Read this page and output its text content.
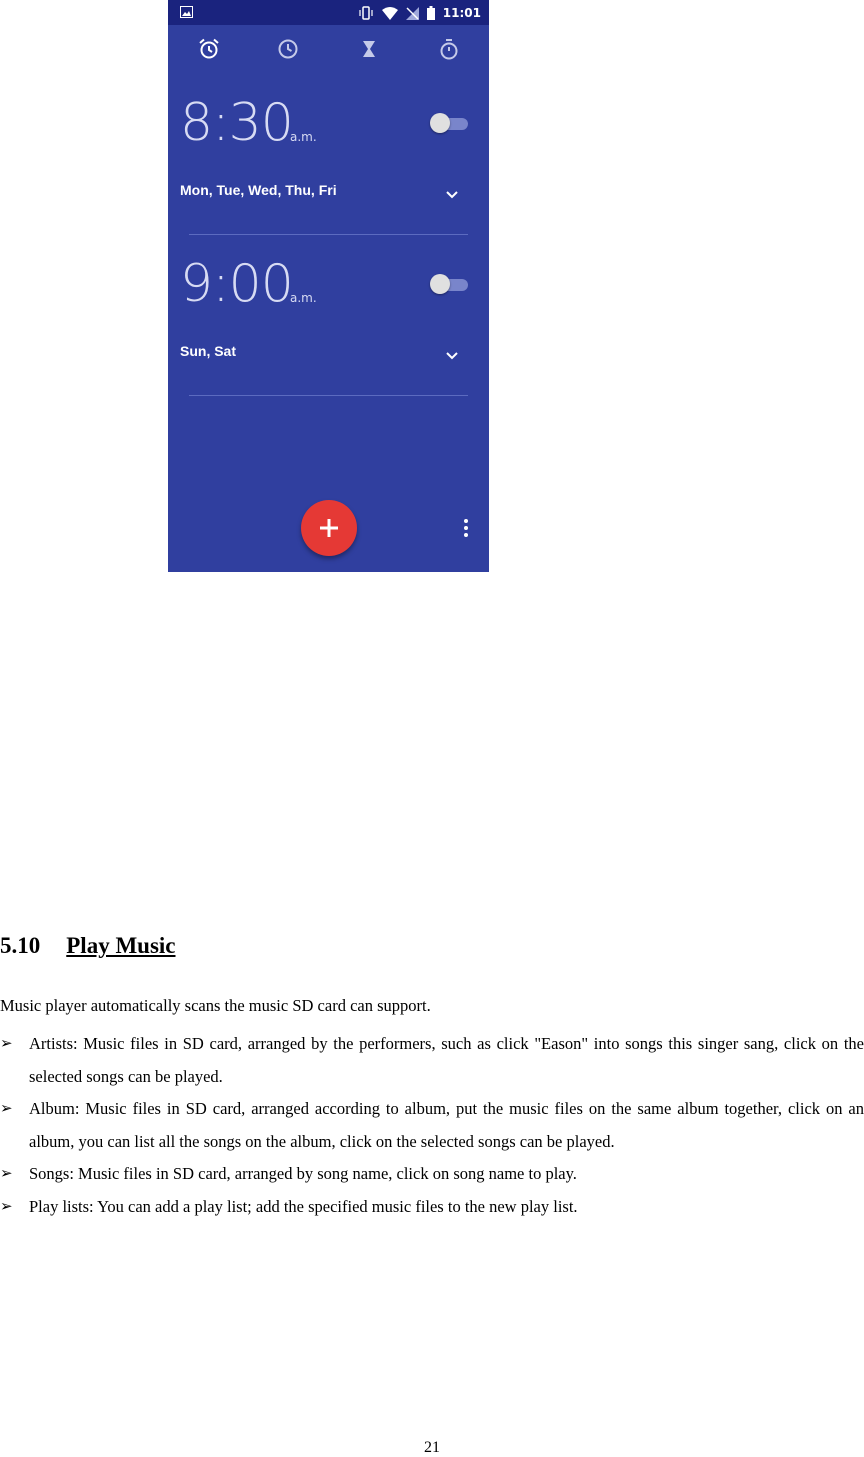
11:01
8:30
a.m.
Mon, Tue, Wed, Thu, Fri
9:00
a.m.
Sun, Sat
5.10 Play Music

Music player automatically scans the music SD card can support.

➢ Artists: Music files in SD card, arranged by the performers, such as click "Eason" into songs this singer sang, click on the selected songs can be played.
➢ Album: Music files in SD card, arranged according to album, put the music files on the same album together, click on an album, you can list all the songs on the album, click on the selected songs can be played.
➢ Songs: Music files in SD card, arranged by song name, click on song name to play.
➢ Play lists: You can add a play list; add the specified music files to the new play list.
21
